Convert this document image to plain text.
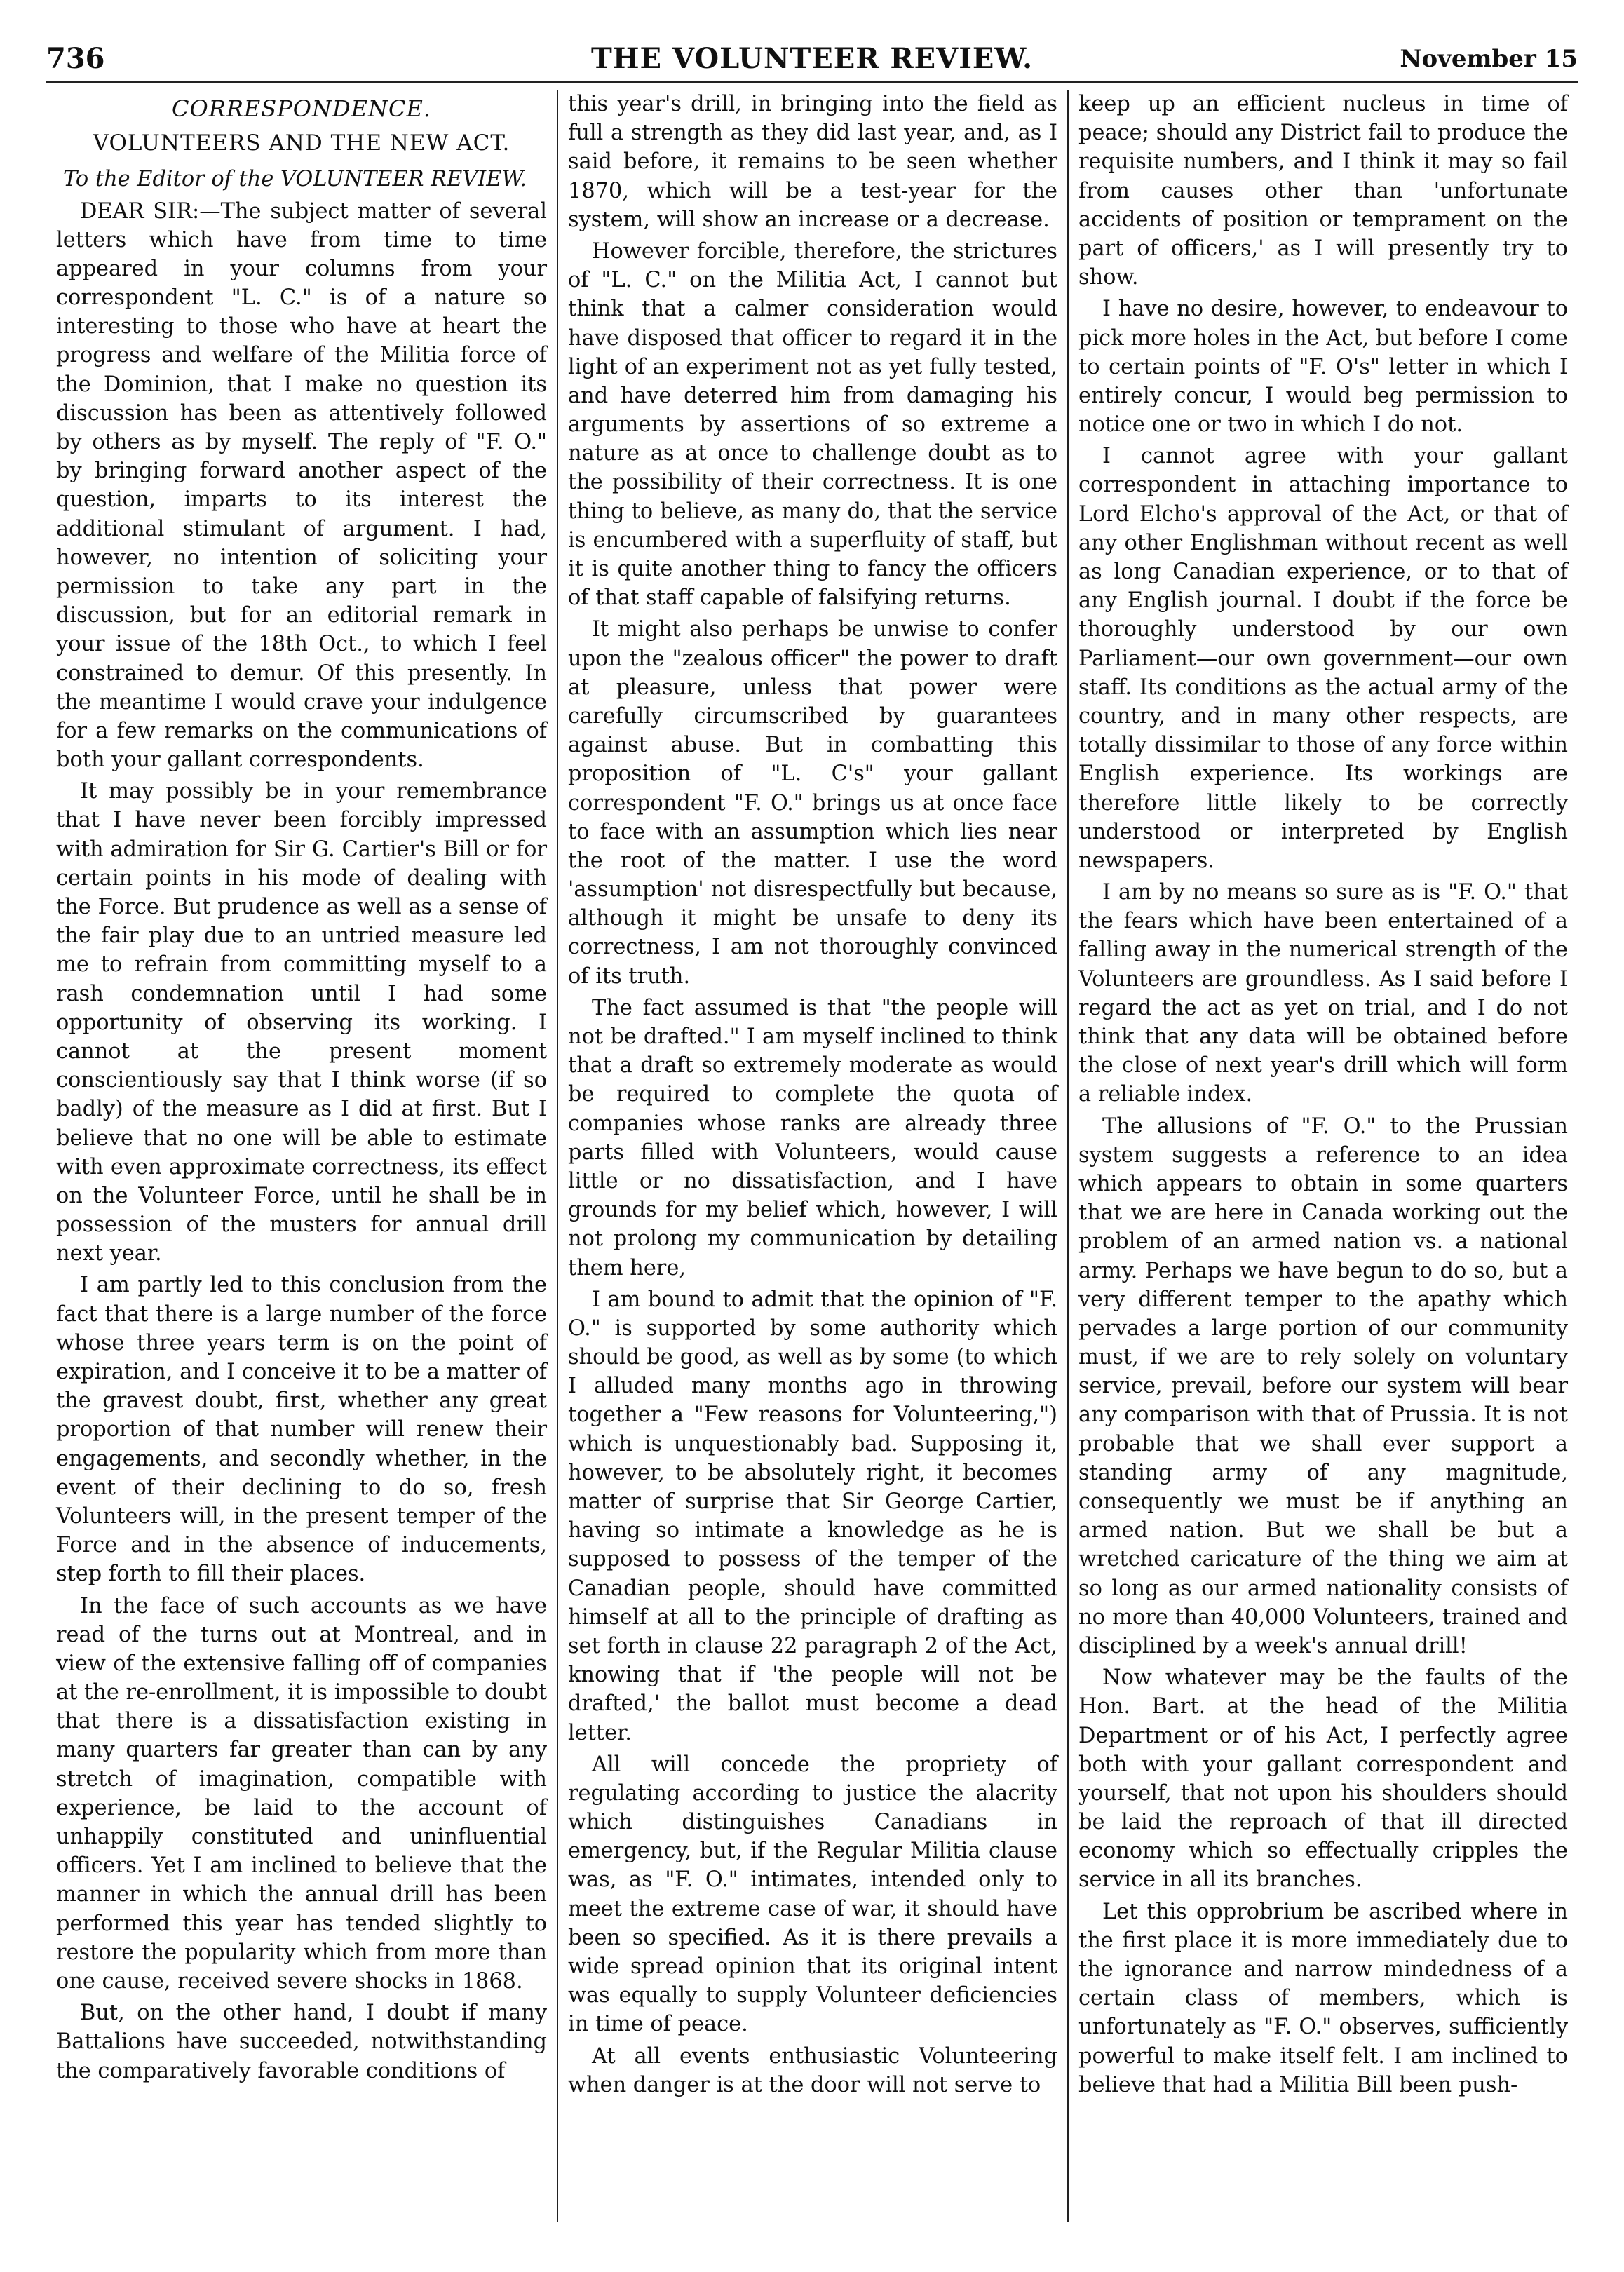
736	THE VOLUNTEER REVIEW.	November 15
CORRESPONDENCE.
VOLUNTEERS AND THE NEW ACT.
To the Editor of the VOLUNTEER REVIEW.

DEAR SIR:—The subject matter of several letters which have from time to time appeared in your columns from your correspondent "L. C." is of a nature so interesting to those who have at heart the progress and welfare of the Militia force of the Dominion, that I make no question its discussion has been as attentively followed by others as by myself. The reply of "F. O." by bringing forward another aspect of the question, imparts to its interest the additional stimulant of argument. I had, however, no intention of soliciting your permission to take any part in the discussion, but for an editorial remark in your issue of the 18th Oct., to which I feel constrained to demur. Of this presently. In the meantime I would crave your indulgence for a few remarks on the communications of both your gallant correspondents.

It may possibly be in your remembrance that I have never been forcibly impressed with admiration for Sir G. Cartier's Bill or for certain points in his mode of dealing with the Force. But prudence as well as a sense of the fair play due to an untried measure led me to refrain from committing myself to a rash condemnation until I had some opportunity of observing its working. I cannot at the present moment conscientiously say that I think worse (if so badly) of the measure as I did at first. But I believe that no one will be able to estimate with even approximate correctness, its effect on the Volunteer Force, until he shall be in possession of the musters for annual drill next year.

I am partly led to this conclusion from the fact that there is a large number of the force whose three years term is on the point of expiration, and I conceive it to be a matter of the gravest doubt, first, whether any great proportion of that number will renew their engagements, and secondly whether, in the event of their declining to do so, fresh Volunteers will, in the present temper of the Force and in the absence of inducements, step forth to fill their places.

In the face of such accounts as we have read of the turns out at Montreal, and in view of the extensive falling off of companies at the re-enrollment, it is impossible to doubt that there is a dissatisfaction existing in many quarters far greater than can by any stretch of imagination, compatible with experience, be laid to the account of unhappily constituted and uninfluential officers. Yet I am inclined to believe that the manner in which the annual drill has been performed this year has tended slightly to restore the popularity which from more than one cause, received severe shocks in 1868.

But, on the other hand, I doubt if many Battalions have succeeded, notwithstanding the comparatively favorable conditions of

this year's drill, in bringing into the field as full a strength as they did last year, and, as I said before, it remains to be seen whether 1870, which will be a test-year for the system, will show an increase or a decrease.

However forcible, therefore, the strictures of "L. C." on the Militia Act, I cannot but think that a calmer consideration would have disposed that officer to regard it in the light of an experiment not as yet fully tested, and have deterred him from damaging his arguments by assertions of so extreme a nature as at once to challenge doubt as to the possibility of their correctness. It is one thing to believe, as many do, that the service is encumbered with a superfluity of staff, but it is quite another thing to fancy the officers of that staff capable of falsifying returns.

It might also perhaps be unwise to confer upon the "zealous officer" the power to draft at pleasure, unless that power were carefully circumscribed by guarantees against abuse. But in combatting this proposition of "L. C's" your gallant correspondent "F. O." brings us at once face to face with an assumption which lies near the root of the matter. I use the word 'assumption' not disrespectfully but because, although it might be unsafe to deny its correctness, I am not thoroughly convinced of its truth.

The fact assumed is that "the people will not be drafted." I am myself inclined to think that a draft so extremely moderate as would be required to complete the quota of companies whose ranks are already three parts filled with Volunteers, would cause little or no dissatisfaction, and I have grounds for my belief which, however, I will not prolong my communication by detailing them here,

I am bound to admit that the opinion of "F. O." is supported by some authority which should be good, as well as by some (to which I alluded many months ago in throwing together a "Few reasons for Volunteering,") which is unquestionably bad. Supposing it, however, to be absolutely right, it becomes matter of surprise that Sir George Cartier, having so intimate a knowledge as he is supposed to possess of the temper of the Canadian people, should have committed himself at all to the principle of drafting as set forth in clause 22 paragraph 2 of the Act, knowing that if 'the people will not be drafted,' the ballot must become a dead letter.

All will concede the propriety of regulating according to justice the alacrity which distinguishes Canadians in emergency, but, if the Regular Militia clause was, as "F. O." intimates, intended only to meet the extreme case of war, it should have been so specified. As it is there prevails a wide spread opinion that its original intent was equally to supply Volunteer deficiencies in time of peace.

At all events enthusiastic Volunteering when danger is at the door will not serve to

keep up an efficient nucleus in time of peace; should any District fail to produce the requisite numbers, and I think it may so fail from causes other than 'unfortunate accidents of position or temprament on the part of officers,' as I will presently try to show.

I have no desire, however, to endeavour to pick more holes in the Act, but before I come to certain points of "F. O's" letter in which I entirely concur, I would beg permission to notice one or two in which I do not.

I cannot agree with your gallant correspondent in attaching importance to Lord Elcho's approval of the Act, or that of any other Englishman without recent as well as long Canadian experience, or to that of any English journal. I doubt if the force be thoroughly understood by our own Parliament—our own government—our own staff. Its conditions as the actual army of the country, and in many other respects, are totally dissimilar to those of any force within English experience. Its workings are therefore little likely to be correctly understood or interpreted by English newspapers.

I am by no means so sure as is "F. O." that the fears which have been entertained of a falling away in the numerical strength of the Volunteers are groundless. As I said before I regard the act as yet on trial, and I do not think that any data will be obtained before the close of next year's drill which will form a reliable index.

The allusions of "F. O." to the Prussian system suggests a reference to an idea which appears to obtain in some quarters that we are here in Canada working out the problem of an armed nation vs. a national army. Perhaps we have begun to do so, but a very different temper to the apathy which pervades a large portion of our community must, if we are to rely solely on voluntary service, prevail, before our system will bear any comparison with that of Prussia. It is not probable that we shall ever support a standing army of any magnitude, consequently we must be if anything an armed nation. But we shall be but a wretched caricature of the thing we aim at so long as our armed nationality consists of no more than 40,000 Volunteers, trained and disciplined by a week's annual drill!

Now whatever may be the faults of the Hon. Bart. at the head of the Militia Department or of his Act, I perfectly agree both with your gallant correspondent and yourself, that not upon his shoulders should be laid the reproach of that ill directed economy which so effectually cripples the service in all its branches.

Let this opprobrium be ascribed where in the first place it is more immediately due to the ignorance and narrow mindedness of a certain class of members, which is unfortunately as "F. O." observes, sufficiently powerful to make itself felt. I am inclined to believe that had a Militia Bill been push-
